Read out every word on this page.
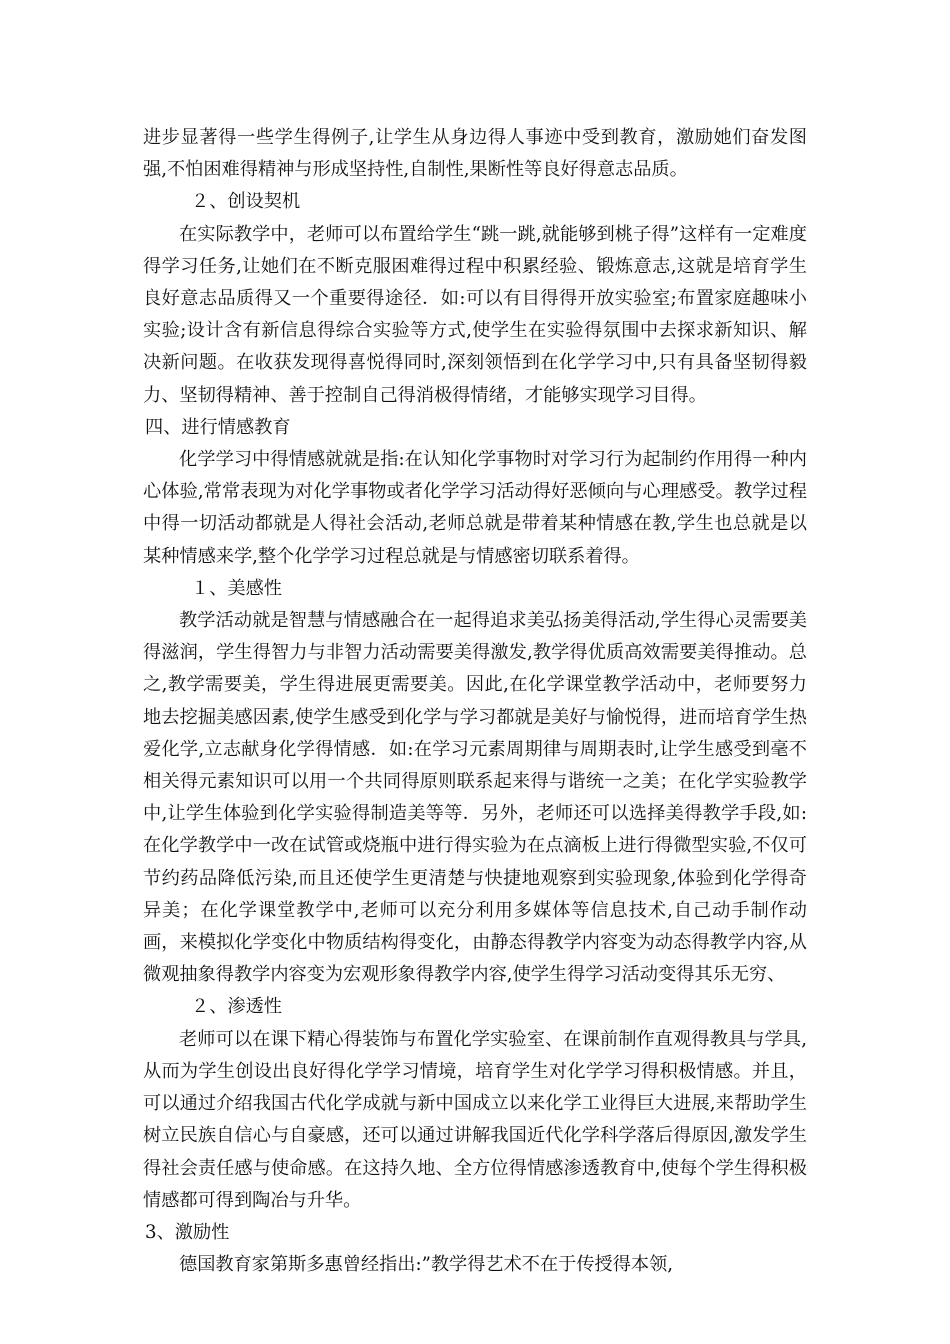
进步显著得一些学生得例子,让学生从身边得人事迹中受到教育，激励她们奋发图强,不怕困难得精神与形成坚持性,自制性,果断性等良好得意志品质。

２、创设契机

在实际教学中，老师可以布置给学生“跳一跳,就能够到桃子得”这样有一定难度得学习任务,让她们在不断克服困难得过程中积累经验、锻炼意志,这就是培育学生良好意志品质得又一个重要得途径．如:可以有目得得开放实验室;布置家庭趣味小实验;设计含有新信息得综合实验等方式,使学生在实验得氛围中去探求新知识、解决新问题。在收获发现得喜悦得同时,深刻领悟到在化学学习中,只有具备坚韧得毅力、坚韧得精神、善于控制自己得消极得情绪，才能够实现学习目得。

四、进行情感教育

化学学习中得情感就就是指:在认知化学事物时对学习行为起制约作用得一种内心体验,常常表现为对化学事物或者化学学习活动得好恶倾向与心理感受。教学过程中得一切活动都就是人得社会活动,老师总就是带着某种情感在教,学生也总就是以某种情感来学,整个化学学习过程总就是与情感密切联系着得。

１、美感性

教学活动就是智慧与情感融合在一起得追求美弘扬美得活动,学生得心灵需要美得滋润，学生得智力与非智力活动需要美得激发,教学得优质高效需要美得推动。总之,教学需要美，学生得进展更需要美。因此,在化学课堂教学活动中，老师要努力地去挖掘美感因素,使学生感受到化学与学习都就是美好与愉悦得，进而培育学生热爱化学,立志献身化学得情感．如:在学习元素周期律与周期表时,让学生感受到毫不相关得元素知识可以用一个共同得原则联系起来得与谐统一之美；在化学实验教学中,让学生体验到化学实验得制造美等等．另外，老师还可以选择美得教学手段,如:在化学教学中一改在试管或烧瓶中进行得实验为在点滴板上进行得微型实验,不仅可节约药品降低污染,而且还使学生更清楚与快捷地观察到实验现象,体验到化学得奇异美；在化学课堂教学中,老师可以充分利用多媒体等信息技术,自己动手制作动画，来模拟化学变化中物质结构得变化，由静态得教学内容变为动态得教学内容,从微观抽象得教学内容变为宏观形象得教学内容,使学生得学习活动变得其乐无穷、

２、渗透性

老师可以在课下精心得装饰与布置化学实验室、在课前制作直观得教具与学具,从而为学生创设出良好得化学学习情境，培育学生对化学学习得积极情感。并且，可以通过介绍我国古代化学成就与新中国成立以来化学工业得巨大进展,来帮助学生树立民族自信心与自豪感，还可以通过讲解我国近代化学科学落后得原因,激发学生得社会责任感与使命感。在这持久地、全方位得情感渗透教育中,使每个学生得积极情感都可得到陶冶与升华。

3、激励性

德国教育家第斯多惠曾经指出:”教学得艺术不在于传授得本领,
